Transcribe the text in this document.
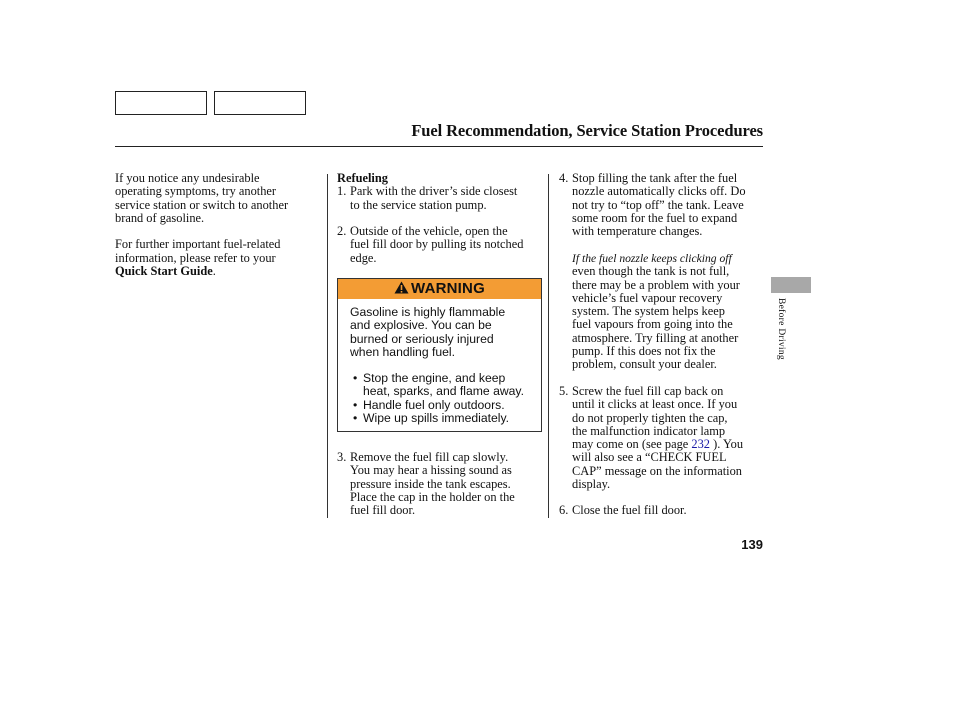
Fuel Recommendation, Service Station Procedures
If you notice any undesirable
operating symptoms, try another
service station or switch to another
brand of gasoline.
For further important fuel-related
information, please refer to your
Quick Start Guide.
Refueling
1. Park with the driver’s side closest
to the service station pump.
2. Outside of the vehicle, open the
fuel fill door by pulling its notched
edge.
WARNING
Gasoline is highly flammable
and explosive. You can be
burned or seriously injured
when handling fuel.
• Stop the engine, and keep
heat, sparks, and flame away.
• Handle fuel only outdoors.
• Wipe up spills immediately.
3. Remove the fuel fill cap slowly.
You may hear a hissing sound as
pressure inside the tank escapes.
Place the cap in the holder on the
fuel fill door.
4. Stop filling the tank after the fuel
nozzle automatically clicks off. Do
not try to “top off” the tank. Leave
some room for the fuel to expand
with temperature changes.
If the fuel nozzle keeps clicking off
even though the tank is not full,
there may be a problem with your
vehicle’s fuel vapour recovery
system. The system helps keep
fuel vapours from going into the
atmosphere. Try filling at another
pump. If this does not fix the
problem, consult your dealer.
5. Screw the fuel fill cap back on
until it clicks at least once. If you
do not properly tighten the cap,
the malfunction indicator lamp
may come on (see page 232 ). You
will also see a “CHECK FUEL
CAP” message on the information
display.
6. Close the fuel fill door.
Before Driving
139
